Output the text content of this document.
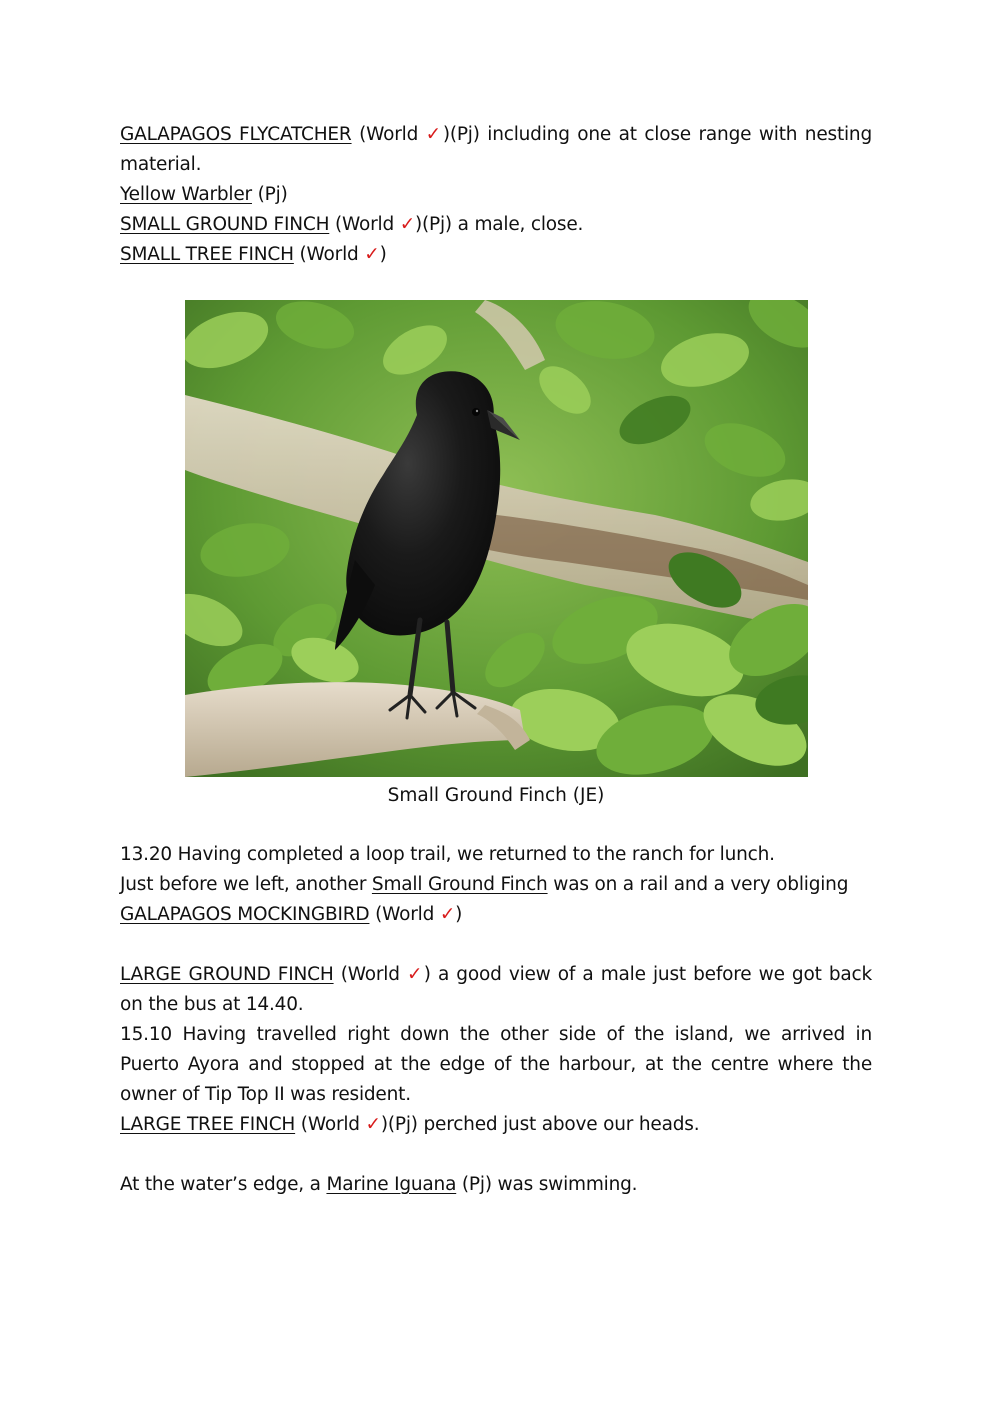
GALAPAGOS FLYCATCHER (World ✓)(Pj) including one at close range with nesting material.

Yellow Warbler (Pj)

SMALL GROUND FINCH (World ✓)(Pj) a male, close.

SMALL TREE FINCH (World ✓)

Small Ground Finch (JE)

13.20 Having completed a loop trail, we returned to the ranch for lunch.

Just before we left, another Small Ground Finch was on a rail and a very obliging

GALAPAGOS MOCKINGBIRD (World ✓)

LARGE GROUND FINCH (World ✓) a good view of a male just before we got back on the bus at 14.40.

15.10 Having travelled right down the other side of the island, we arrived in Puerto Ayora and stopped at the edge of the harbour, at the centre where the owner of Tip Top II was resident.

LARGE TREE FINCH (World ✓)(Pj) perched just above our heads.

At the water’s edge, a Marine Iguana (Pj) was swimming.
